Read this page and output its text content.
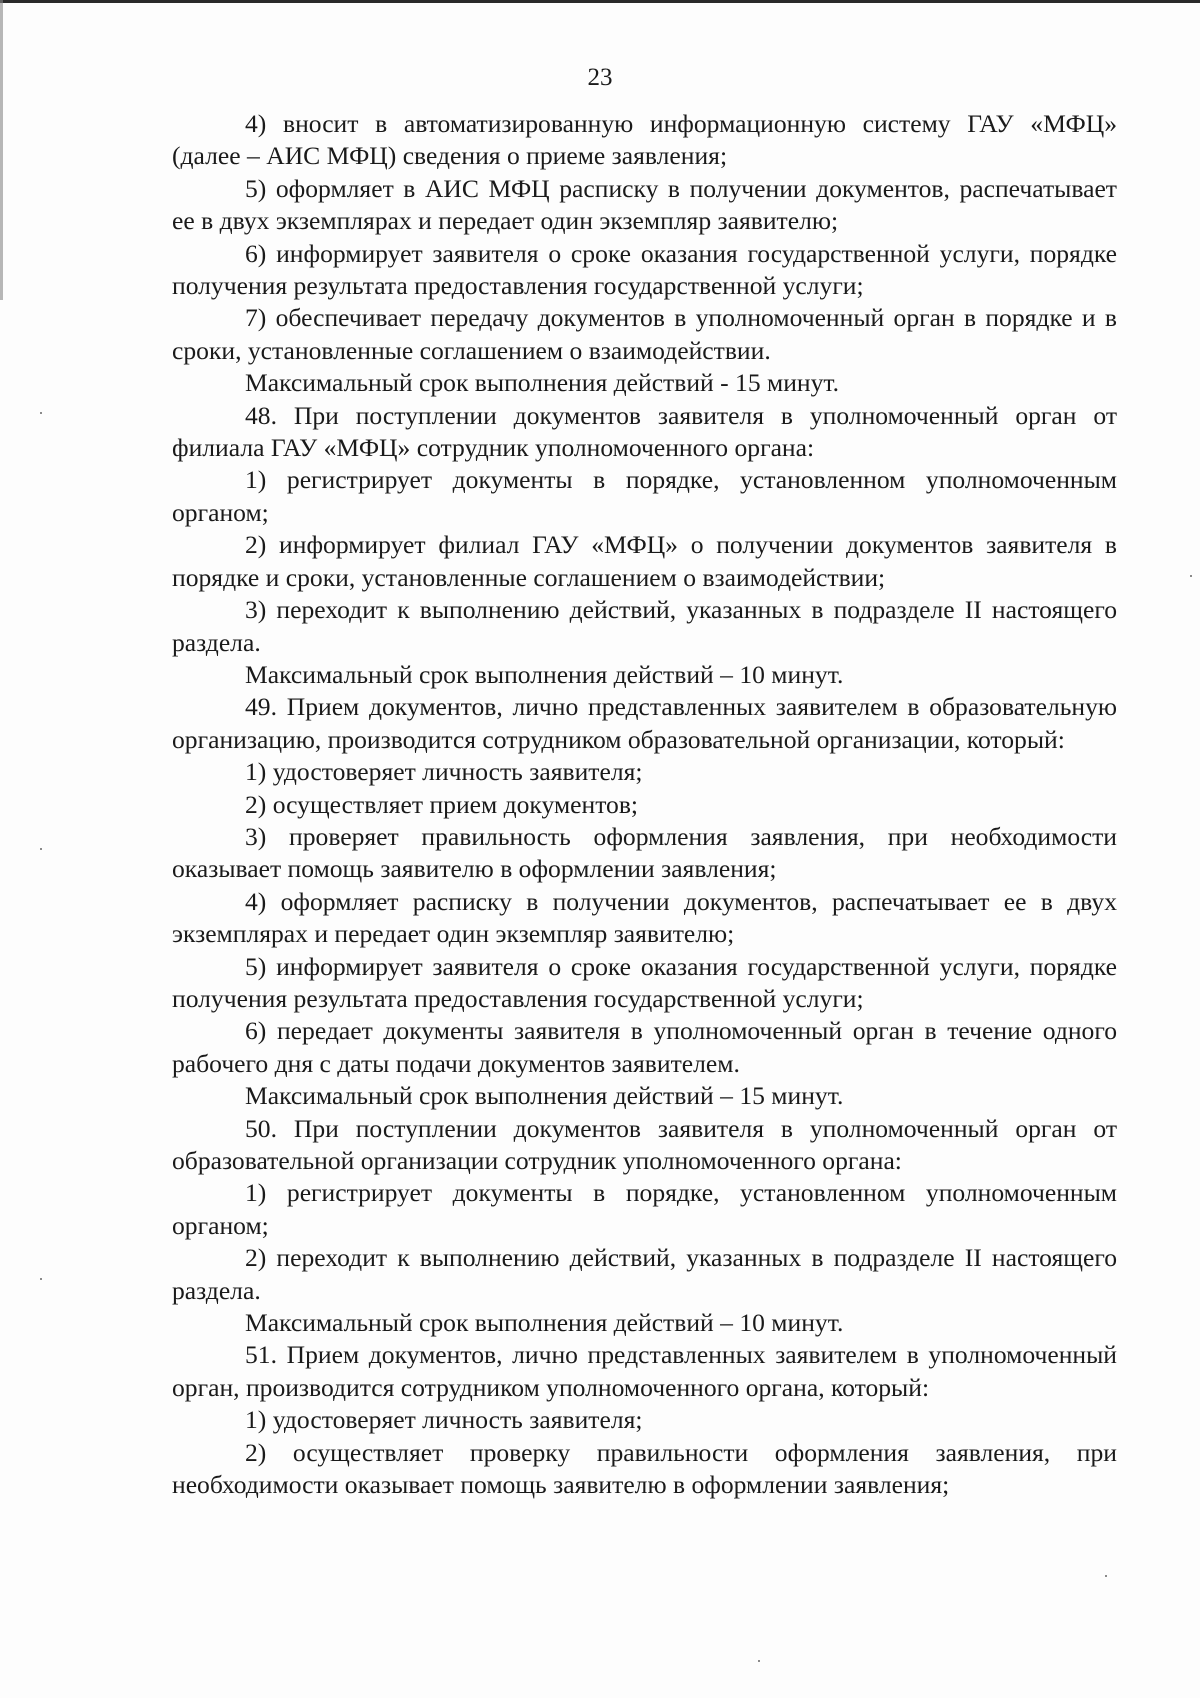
23

4) вносит в автоматизированную информационную систему ГАУ «МФЦ» (далее – АИС МФЦ) сведения о приеме заявления;

5) оформляет в АИС МФЦ расписку в получении документов, распечатывает ее в двух экземплярах и передает один экземпляр заявителю;

6) информирует заявителя о сроке оказания государственной услуги, порядке получения результата предоставления государственной услуги;

7) обеспечивает передачу документов в уполномоченный орган в порядке и в сроки, установленные соглашением о взаимодействии.

Максимальный срок выполнения действий - 15 минут.

48. При поступлении документов заявителя в уполномоченный орган от филиала ГАУ «МФЦ» сотрудник уполномоченного органа:

1) регистрирует документы в порядке, установленном уполномоченным органом;

2) информирует филиал ГАУ «МФЦ» о получении документов заявителя в порядке и сроки, установленные соглашением о взаимодействии;

3) переходит к выполнению действий, указанных в подразделе II настоящего раздела.

Максимальный срок выполнения действий – 10 минут.

49. Прием документов, лично представленных заявителем в образовательную организацию, производится сотрудником образовательной организации, который:

1) удостоверяет личность заявителя;

2) осуществляет прием документов;

3) проверяет правильность оформления заявления, при необходимости оказывает помощь заявителю в оформлении заявления;

4) оформляет расписку в получении документов, распечатывает ее в двух экземплярах и передает один экземпляр заявителю;

5) информирует заявителя о сроке оказания государственной услуги, порядке получения результата предоставления государственной услуги;

6) передает документы заявителя в уполномоченный орган в течение одного рабочего дня с даты подачи документов заявителем.

Максимальный срок выполнения действий – 15 минут.

50. При поступлении документов заявителя в уполномоченный орган от образовательной организации сотрудник уполномоченного органа:

1) регистрирует документы в порядке, установленном уполномоченным органом;

2) переходит к выполнению действий, указанных в подразделе II настоящего раздела.

Максимальный срок выполнения действий – 10 минут.

51. Прием документов, лично представленных заявителем в уполномоченный орган, производится сотрудником уполномоченного органа, который:

1) удостоверяет личность заявителя;

2) осуществляет проверку правильности оформления заявления, при необходимости оказывает помощь заявителю в оформлении заявления;
